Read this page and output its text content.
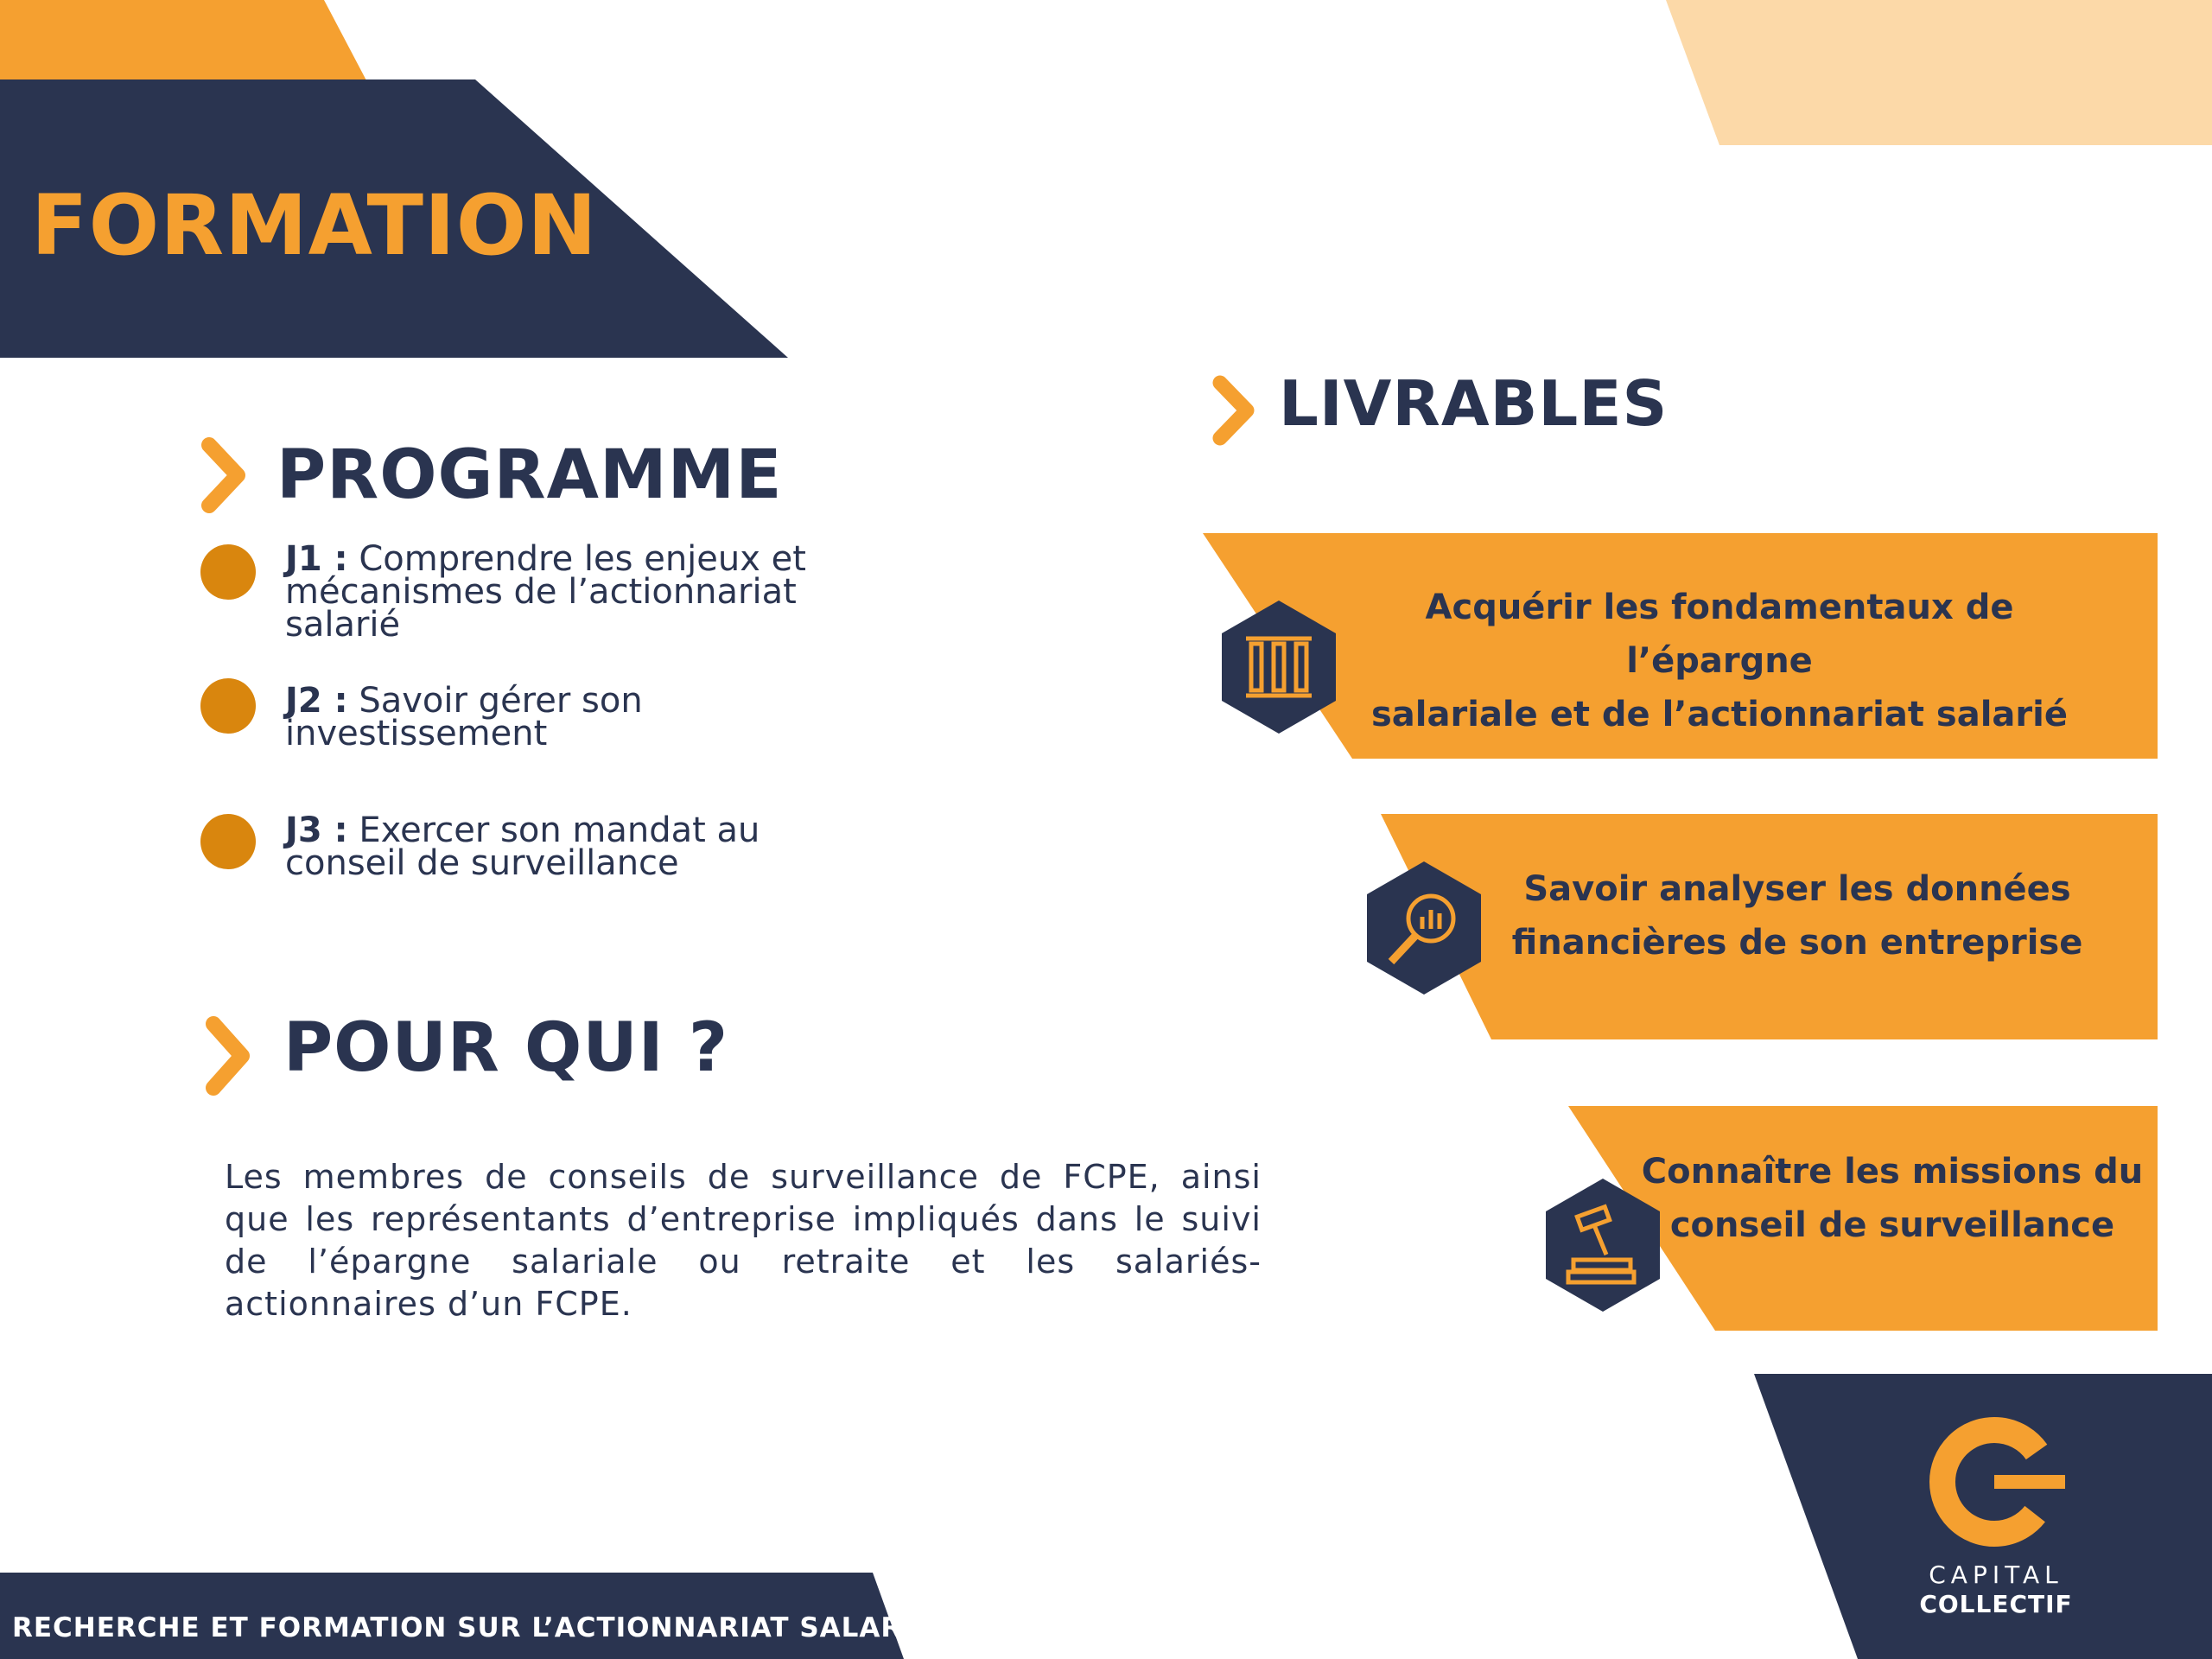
FORMATION
PROGRAMME
J1 : Comprendre les enjeux et
mécanismes de l’actionnariat
salarié
J2 : Savoir gérer son
investissement
J3 : Exercer son mandat au
conseil de surveillance
POUR QUI ?
Les membres de conseils de surveillance de FCPE, ainsi que les représentants d’entreprise impliqués dans le suivi de l’épargne salariale ou retraite et les salariés-actionnaires d’un FCPE.
LIVRABLES
Acquérir les fondamentaux de l’épargne
salariale et de l’actionnariat salarié
Savoir analyser les données
financières de son entreprise
Connaître les missions du
conseil de surveillance
CAPITAL
COLLECTIF
RECHERCHE ET FORMATION SUR L’ACTIONNARIAT SALARIÉ
